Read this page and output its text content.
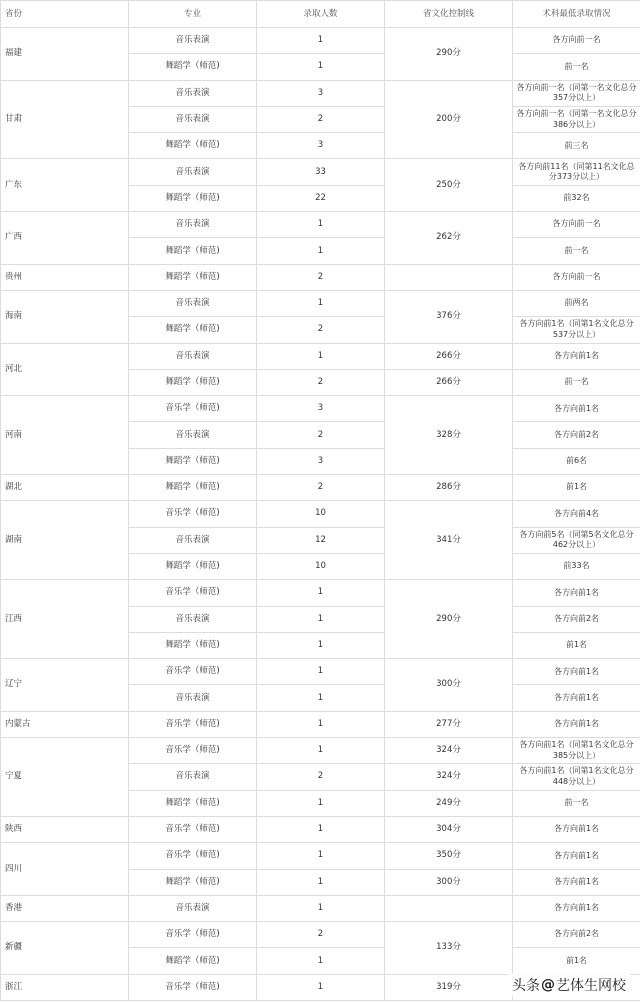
省份	专业	录取人数	省文化控制线	术科最低录取情况
福建	音乐表演	1	290分	各方向前一名
	舞蹈学（师范)	1		前一名
甘肃	音乐表演	3	200分	各方向前一名（同第一名文化总分357分以上）
	音乐表演	2		各方向前一名（同第一名文化总分386分以上）
	舞蹈学（师范)	3		前三名
广东	音乐表演	33	250分	各方向前11名（同第11名文化总分373分以上）
	舞蹈学（师范)	22		前32名
广西	音乐表演	1	262分	各方向前一名
	舞蹈学（师范)	1		前一名
贵州	舞蹈学（师范)	2		各方向前一名
海南	音乐表演	1	376分	前两名
	舞蹈学（师范)	2		各方向前1名（同第1名文化总分537分以上）
河北	音乐表演	1	266分	各方向前1名
	舞蹈学（师范)	2	266分	前一名
河南	音乐学（师范)	3	328分	各方向前1名
	音乐表演	2		各方向前2名
	舞蹈学（师范)	3		前6名
湖北	舞蹈学（师范)	2	286分	前1名
湖南	音乐学（师范)	10	341分	各方向前4名
	音乐表演	12		各方向前5名（同第5名文化总分462分以上）
	舞蹈学（师范)	10		前33名
江西	音乐学（师范)	1	290分	各方向前1名
	音乐表演	1		各方向前2名
	舞蹈学（师范)	1		前1名
辽宁	音乐学（师范)	1	300分	各方向前1名
	音乐表演	1		各方向前1名
内蒙古	音乐学（师范)	1	277分	各方向前1名
宁夏	音乐学（师范)	1	324分	各方向前1名（同第1名文化总分385分以上）
	音乐表演	2	324分	各方向前1名（同第1名文化总分448分以上）
	舞蹈学（师范)	1	249分	前一名
陕西	音乐学（师范)	1	304分	各方向前1名
四川	音乐学（师范)	1	350分	各方向前1名
	舞蹈学（师范)	1	300分	各方向前1名
香港	音乐表演	1		各方向前1名
新疆	音乐学（师范)	2	133分	各方向前2名
	舞蹈学（师范)	1		前1名
浙江	音乐学（师范)	1	319分		头条 @ 艺体生网校
